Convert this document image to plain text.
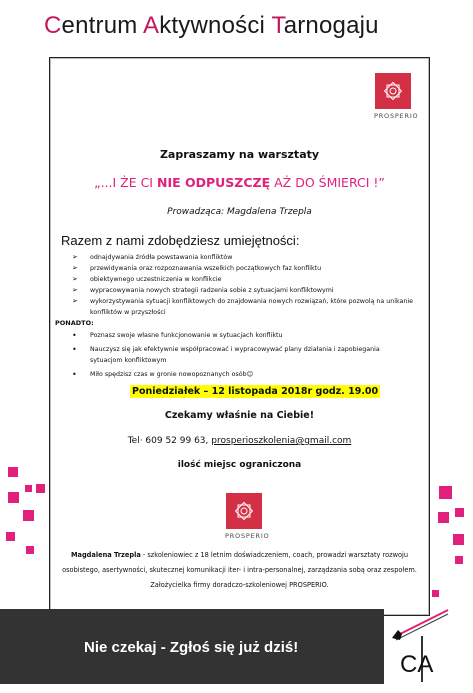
Centrum Aktywności Tarnogaju
PROSPERIO
Zapraszamy na warsztaty
„...I ŻE CI NIE ODPUSZCZĘ AŻ DO ŚMIERCI !”
Prowadząca: Magdalena Trzepla
Razem z nami zdobędziesz umiejętności:
➢ odnajdywania źródła powstawania konfliktów
➢ przewidywania oraz rozpoznawania wszelkich początkowych faz konfliktu
➢ obiektywnego uczestniczenia w konflikcie
➢ wypracowywania nowych strategii radzenia sobie z sytuacjami konfliktowymi
➢ wykorzystywania sytuacji konfliktowych do znajdowania nowych rozwiązań, które pozwolą na unikanie konfliktów w przyszłości
PONADTO:
• Poznasz swoje własne funkcjonowanie w sytuacjach konfliktu
• Nauczysz się jak efektywnie współpracować i wypracowywać plany działania i zapobiegania sytuacjom konfliktowym
• Miło spędzisz czas w gronie nowopoznanych osób☺
Poniedziałek – 12 listopada 2018r godz. 19.00
Czekamy właśnie na Ciebie!
Tel· 609 52 99 63, prosperioszkolenia@gmail.com
ilość miejsc ograniczona
PROSPERIO
Magdalena Trzepla - szkoleniowiec z 18 letnim doświadczeniem, coach, prowadzi warsztaty rozwoju osobistego, asertywności, skutecznej komunikacji iter- i intra-personalnej, zarządzania sobą oraz zespołem. Założycielka firmy doradczo-szkoleniowej PROSPERIO.
Nie czekaj - Zgłoś się już dziś!
CA
